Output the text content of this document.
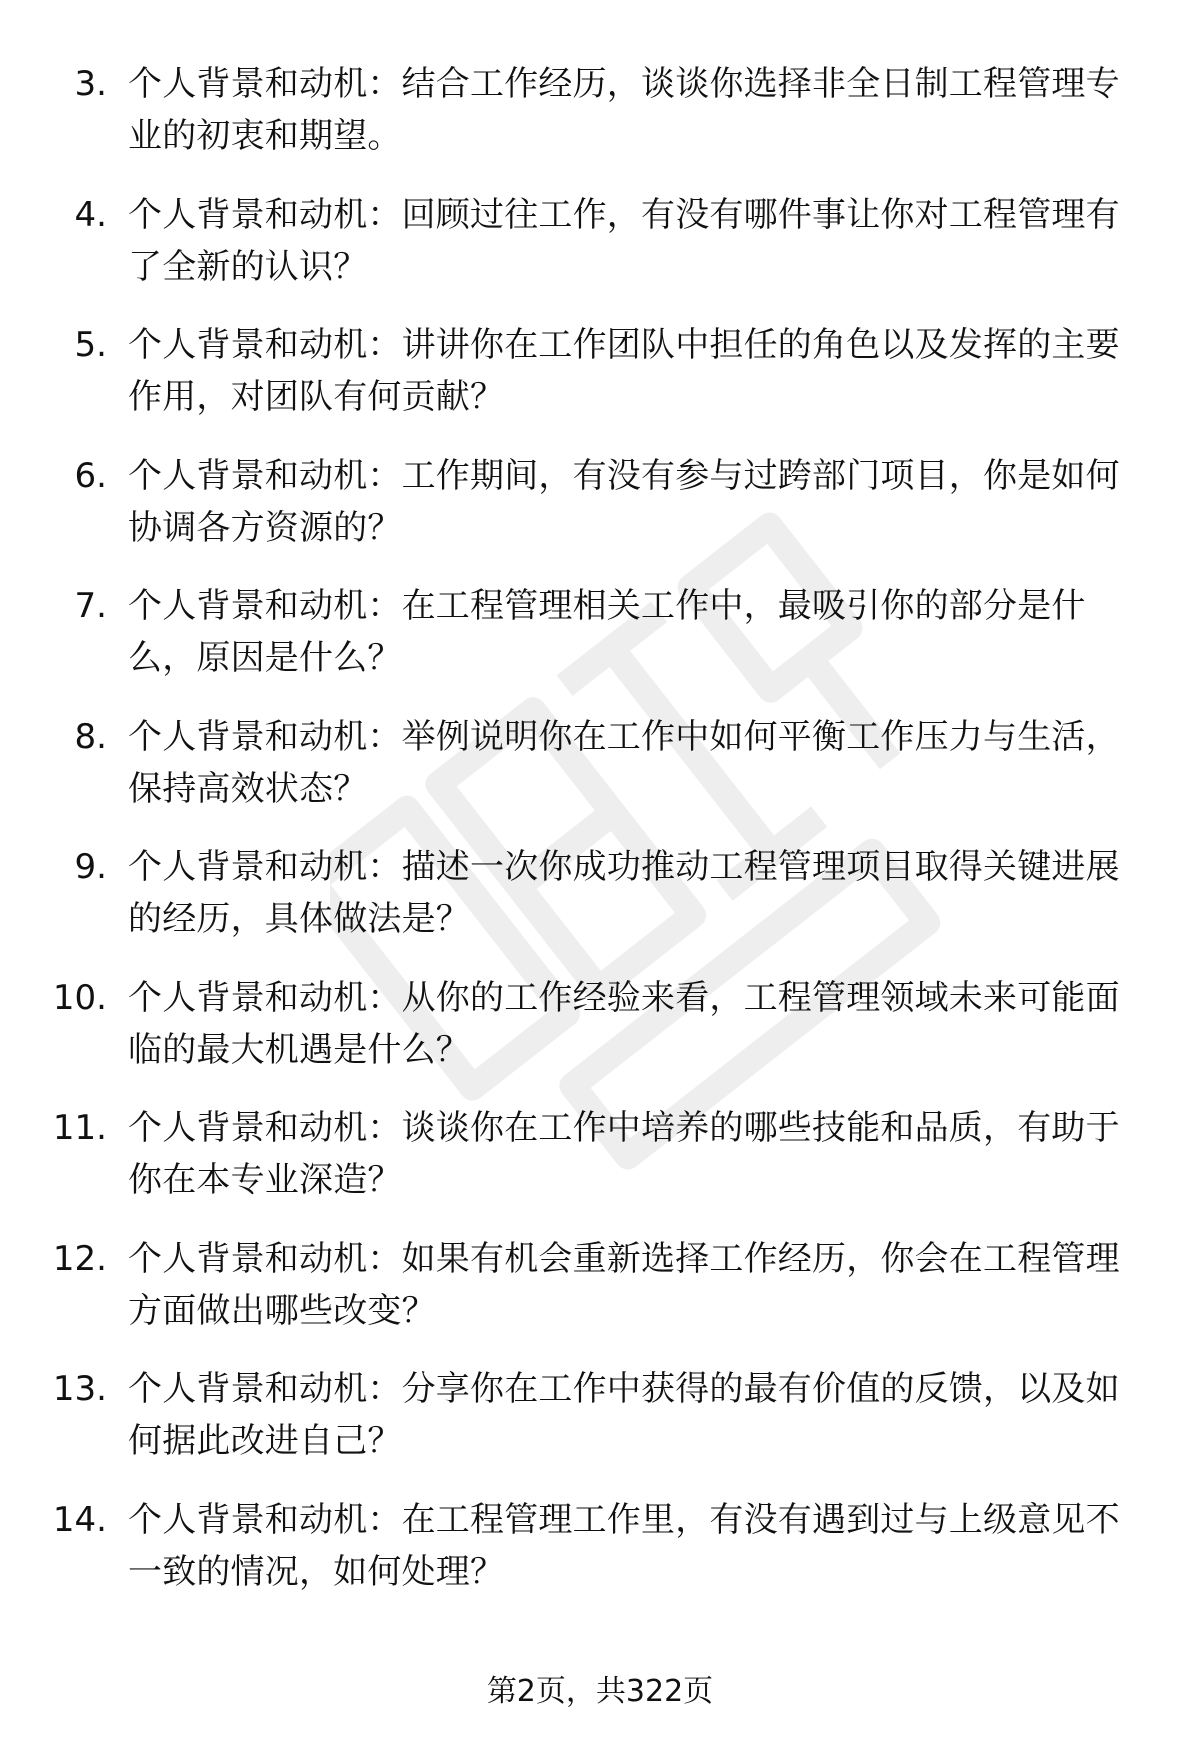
3. 个人背景和动机：结合工作经历，谈谈你选择非全日制工程管理专业的初衷和期望。
4. 个人背景和动机：回顾过往工作，有没有哪件事让你对工程管理有了全新的认识？
5. 个人背景和动机：讲讲你在工作团队中担任的角色以及发挥的主要作用，对团队有何贡献？
6. 个人背景和动机：工作期间，有没有参与过跨部门项目，你是如何协调各方资源的？
7. 个人背景和动机：在工程管理相关工作中，最吸引你的部分是什么，原因是什么？
8. 个人背景和动机：举例说明你在工作中如何平衡工作压力与生活，保持高效状态？
9. 个人背景和动机：描述一次你成功推动工程管理项目取得关键进展的经历，具体做法是？
10. 个人背景和动机：从你的工作经验来看，工程管理领域未来可能面临的最大机遇是什么？
11. 个人背景和动机：谈谈你在工作中培养的哪些技能和品质，有助于你在本专业深造？
12. 个人背景和动机：如果有机会重新选择工作经历，你会在工程管理方面做出哪些改变？
13. 个人背景和动机：分享你在工作中获得的最有价值的反馈，以及如何据此改进自己？
14. 个人背景和动机：在工程管理工作里，有没有遇到过与上级意见不一致的情况，如何处理？
第2页，共322页
